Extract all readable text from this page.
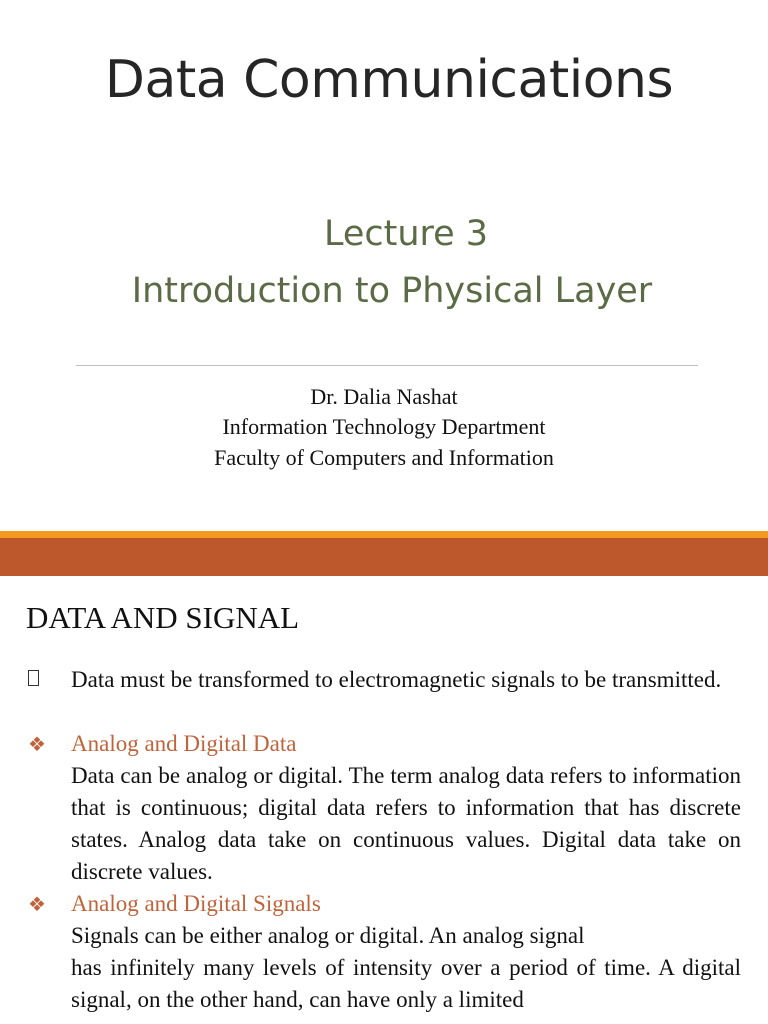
Data Communications
Lecture 3
Introduction to Physical Layer
Dr. Dalia Nashat
Information Technology Department
Faculty of Computers and Information
DATA AND SIGNAL
Data must be transformed to electromagnetic signals to be transmitted.
❖ Analog and Digital Data
Data can be analog or digital. The term analog data refers to information that is continuous; digital data refers to information that has discrete states. Analog data take on continuous values. Digital data take on discrete values.
❖ Analog and Digital Signals
Signals can be either analog or digital. An analog signal
has infinitely many levels of intensity over a period of time. A digital signal, on the other hand, can have only a limited
